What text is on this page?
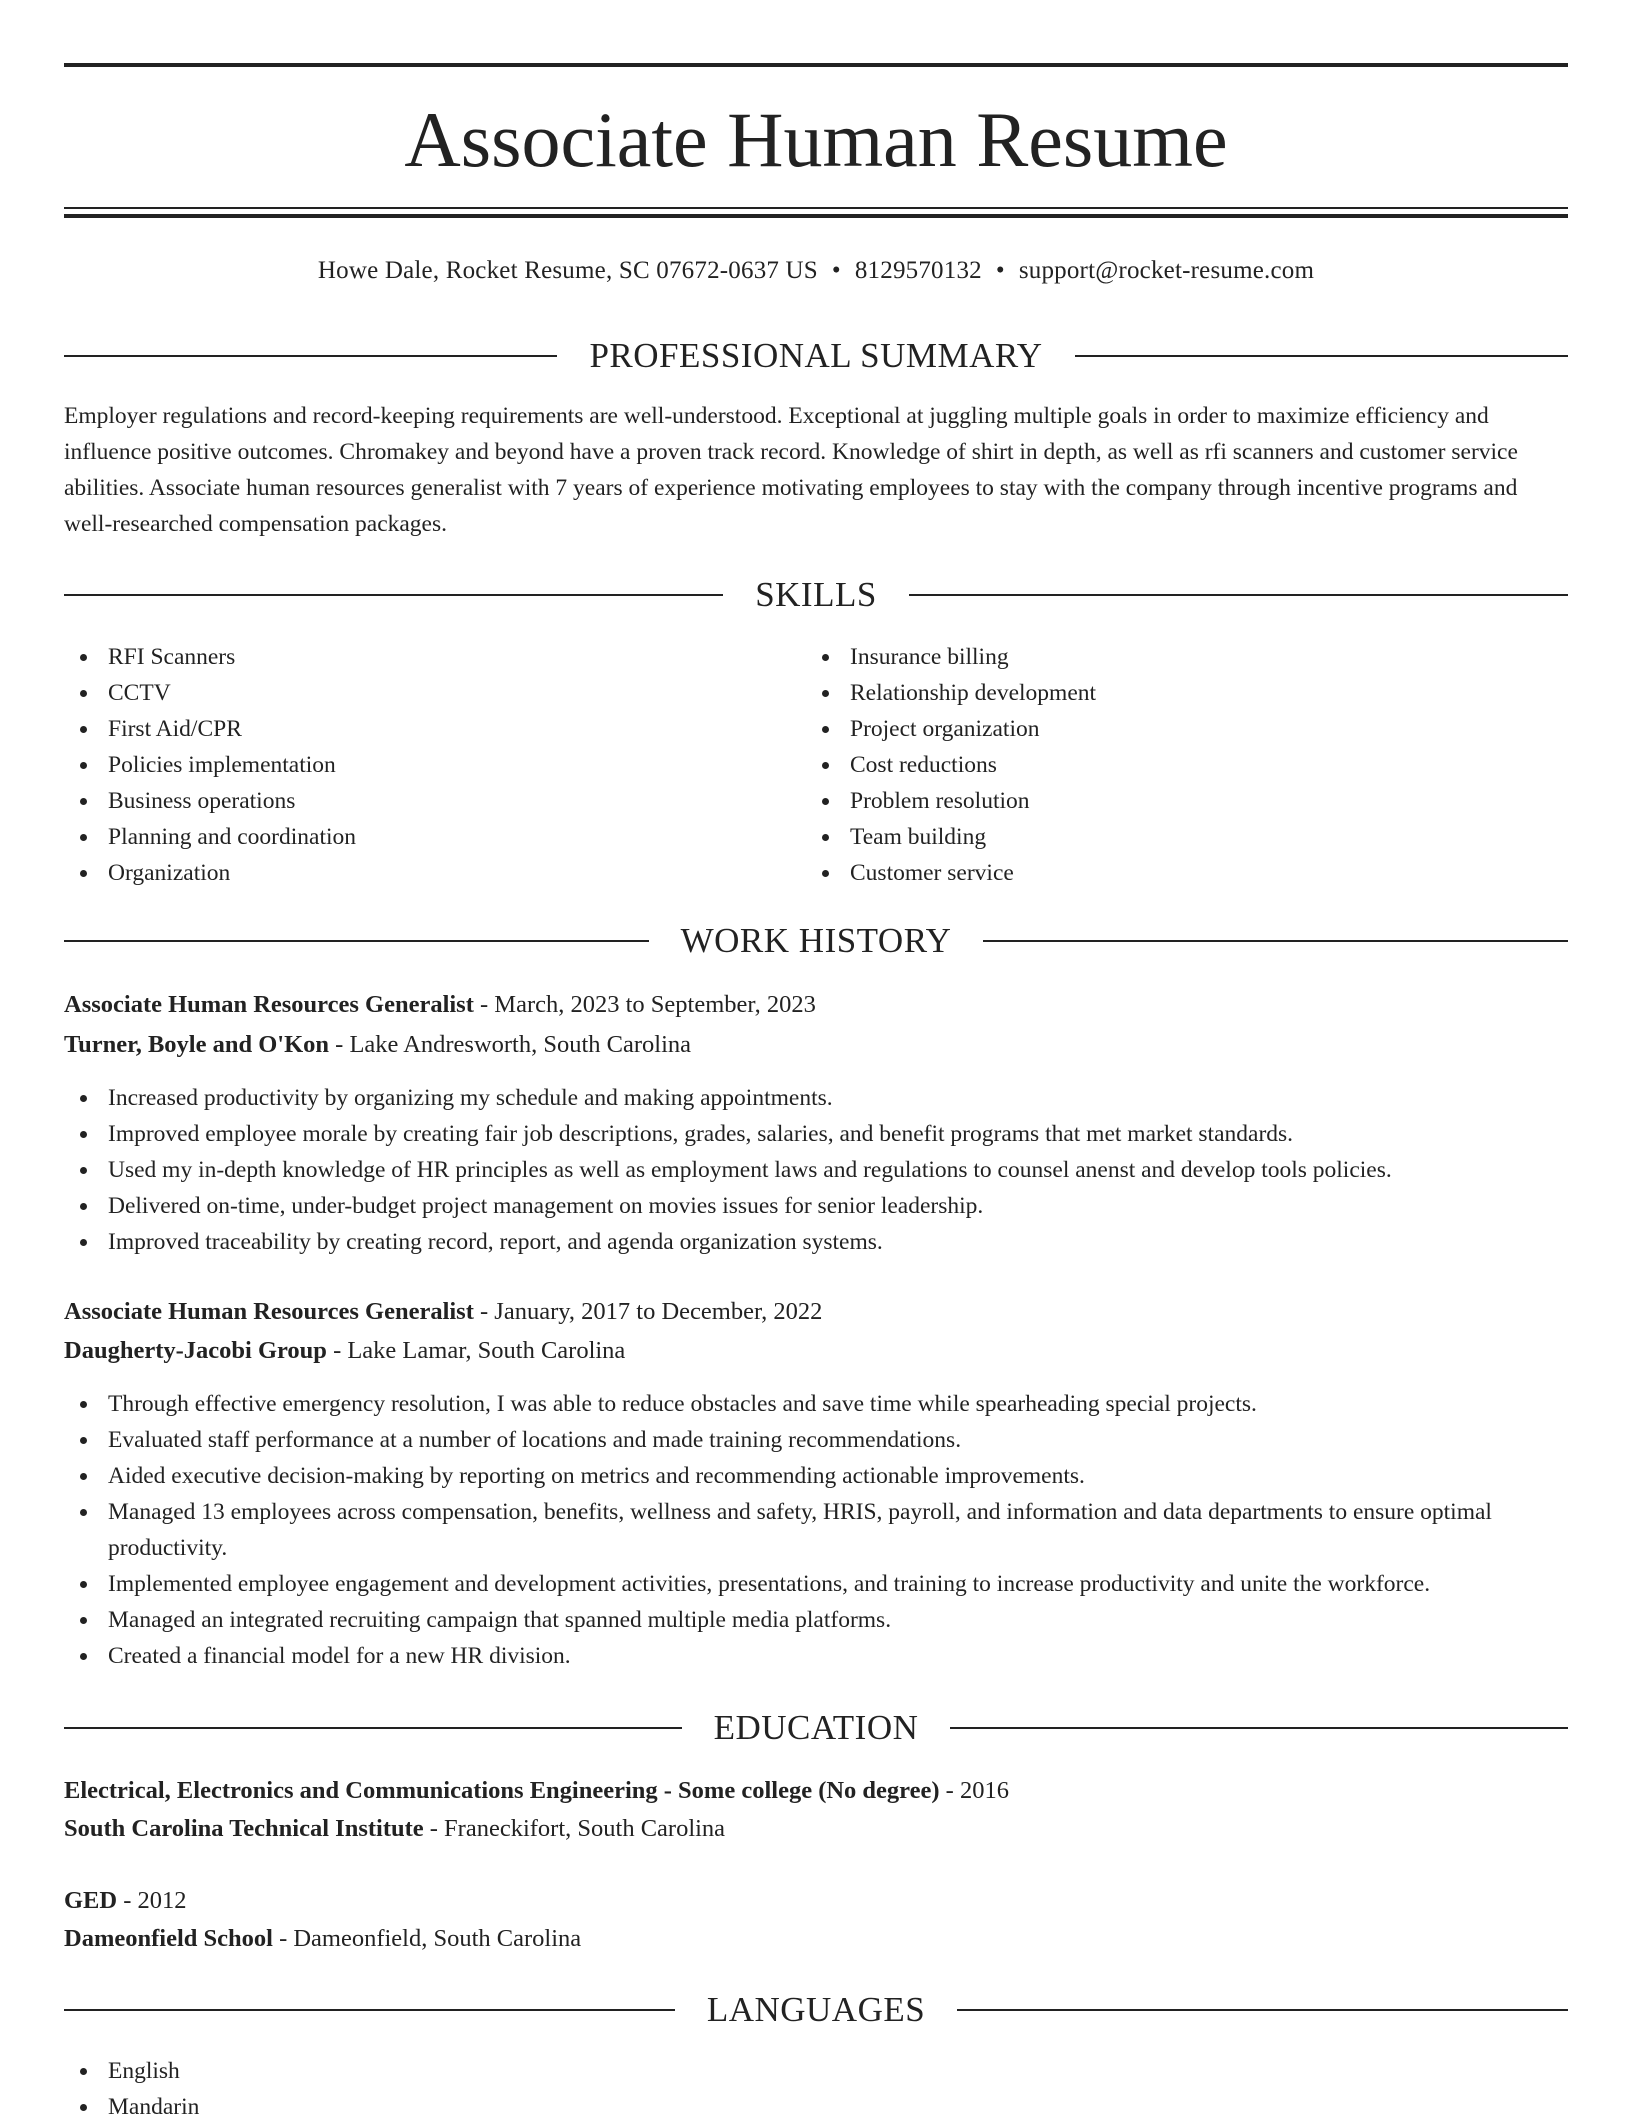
Associate Human Resume
Howe Dale, Rocket Resume, SC 07672-0637 US • 8129570132 • support@rocket-resume.com
PROFESSIONAL SUMMARY

Employer regulations and record-keeping requirements are well-understood. Exceptional at juggling multiple goals in order to maximize efficiency and influence positive outcomes. Chromakey and beyond have a proven track record. Knowledge of shirt in depth, as well as rfi scanners and customer service abilities. Associate human resources generalist with 7 years of experience motivating employees to stay with the company through incentive programs and well-researched compensation packages.

SKILLS
RFI Scanners
CCTV
First Aid/CPR
Policies implementation
Business operations
Planning and coordination
Organization
Insurance billing
Relationship development
Project organization
Cost reductions
Problem resolution
Team building
Customer service
WORK HISTORY
Associate Human Resources Generalist - March, 2023 to September, 2023
Turner, Boyle and O'Kon - Lake Andresworth, South Carolina
Increased productivity by organizing my schedule and making appointments.
Improved employee morale by creating fair job descriptions, grades, salaries, and benefit programs that met market standards.
Used my in-depth knowledge of HR principles as well as employment laws and regulations to counsel anenst and develop tools policies.
Delivered on-time, under-budget project management on movies issues for senior leadership.
Improved traceability by creating record, report, and agenda organization systems.
Associate Human Resources Generalist - January, 2017 to December, 2022
Daugherty-Jacobi Group - Lake Lamar, South Carolina
Through effective emergency resolution, I was able to reduce obstacles and save time while spearheading special projects.
Evaluated staff performance at a number of locations and made training recommendations.
Aided executive decision-making by reporting on metrics and recommending actionable improvements.
Managed 13 employees across compensation, benefits, wellness and safety, HRIS, payroll, and information and data departments to ensure optimal productivity.
Implemented employee engagement and development activities, presentations, and training to increase productivity and unite the workforce.
Managed an integrated recruiting campaign that spanned multiple media platforms.
Created a financial model for a new HR division.
EDUCATION
Electrical, Electronics and Communications Engineering - Some college (No degree) - 2016
South Carolina Technical Institute - Franeckifort, South Carolina
GED - 2012
Dameonfield School - Dameonfield, South Carolina
LANGUAGES
English
Mandarin
